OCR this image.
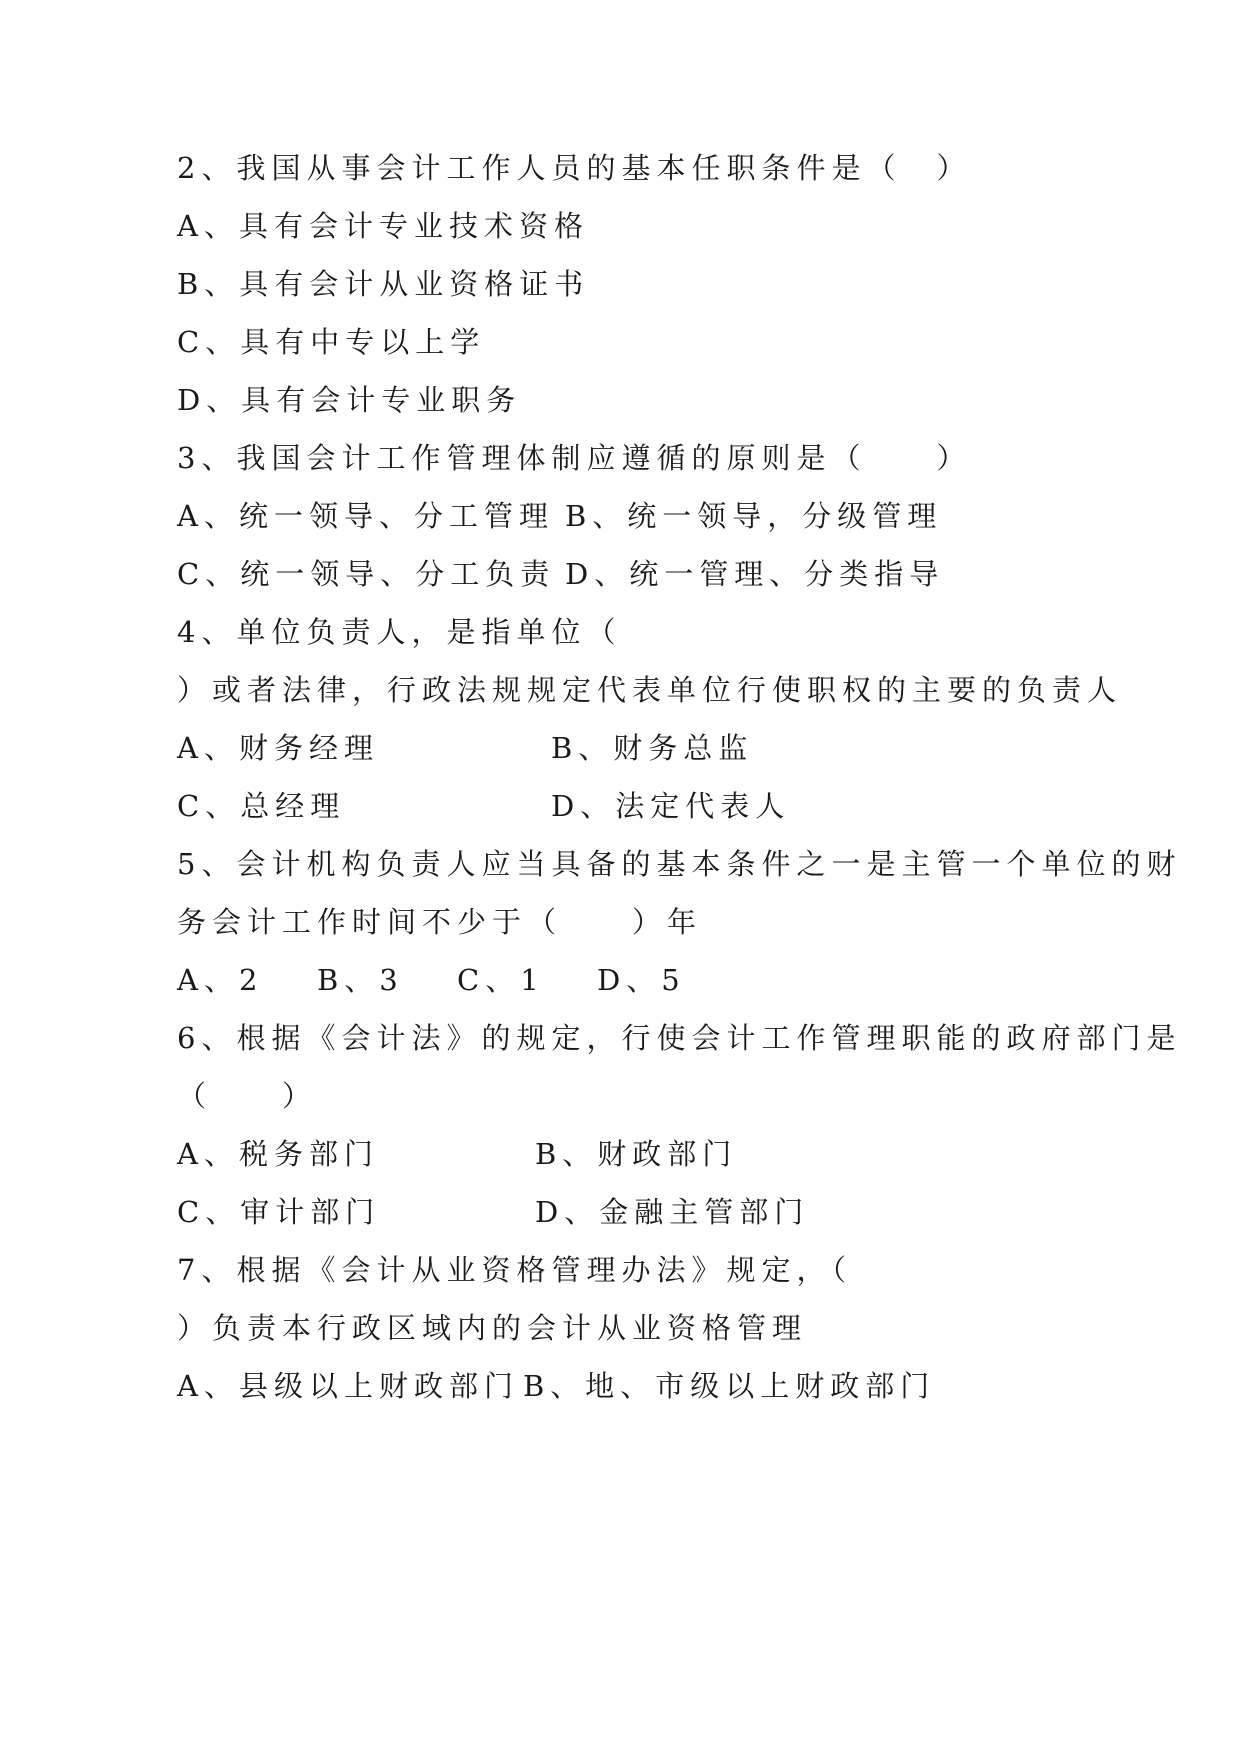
2、我国从事会计工作人员的基本任职条件是（　）
A、具有会计专业技术资格
B、具有会计从业资格证书
C、具有中专以上学
D、具有会计专业职务
3、我国会计工作管理体制应遵循的原则是（　　）
A、统一领导、分工管理 B、统一领导，分级管理
C、统一领导、分工负责 D、统一管理、分类指导
4、单位负责人，是指单位（
）或者法律，行政法规规定代表单位行使职权的主要的负责人
A、财务经理	B、财务总监
C、总经理	D、法定代表人
5、会计机构负责人应当具备的基本条件之一是主管一个单位的财
务会计工作时间不少于（　　）年
A、2 B、3 C、1 D、5
6、根据《会计法》的规定，行使会计工作管理职能的政府部门是
（　　）
A、税务部门	B、财政部门
C、审计部门	D、金融主管部门
7、根据《会计从业资格管理办法》规定，（
）负责本行政区域内的会计从业资格管理
A、县级以上财政部门 B、地、市级以上财政部门
